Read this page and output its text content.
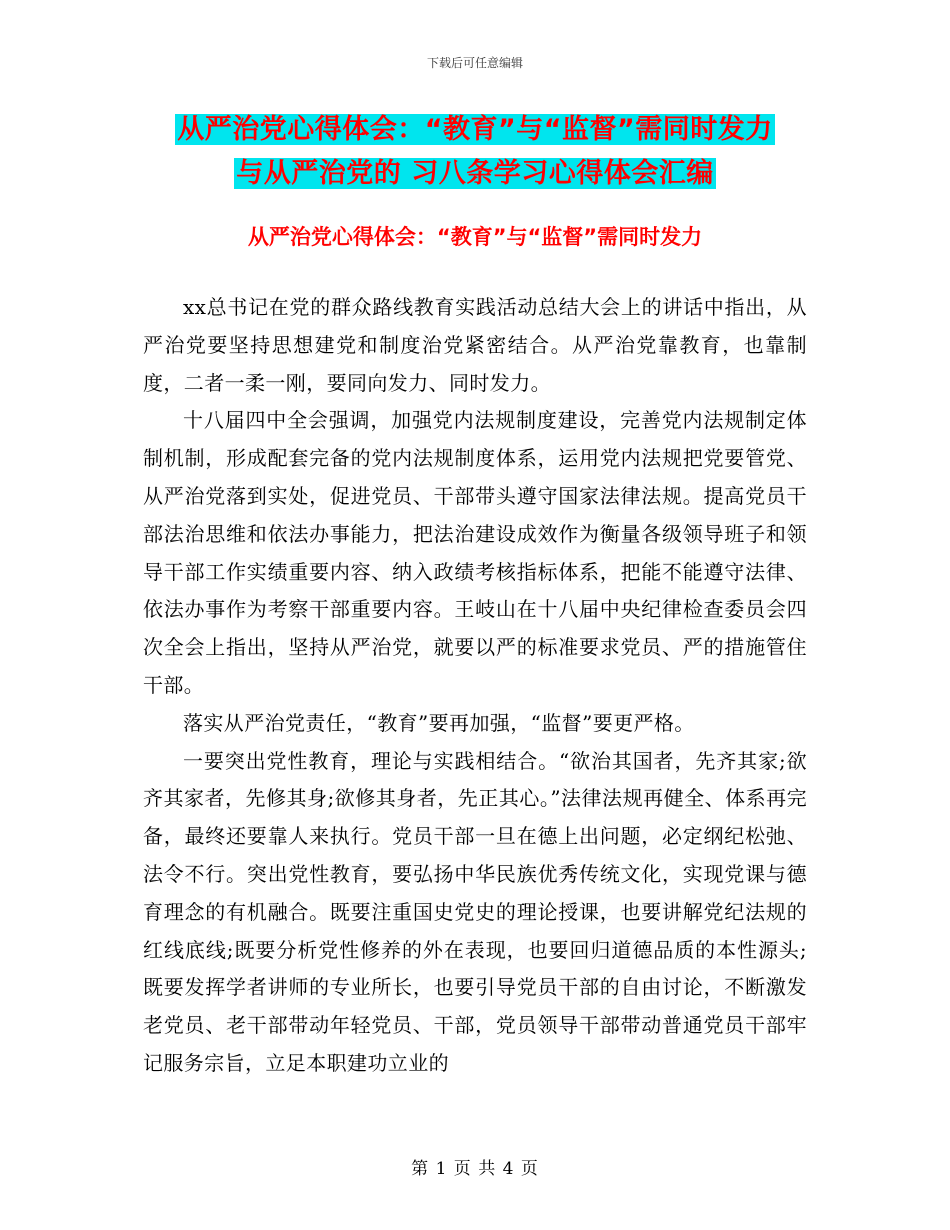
下载后可任意编辑
从严治党心得体会：“教育”与“监督”需同时发力
与从严治党的 习八条学习心得体会汇编
从严治党心得体会：“教育”与“监督”需同时发力

xx总书记在党的群众路线教育实践活动总结大会上的讲话中指出，从严治党要坚持思想建党和制度治党紧密结合。从严治党靠教育，也靠制度，二者一柔一刚，要同向发力、同时发力。

十八届四中全会强调，加强党内法规制度建设，完善党内法规制定体制机制，形成配套完备的党内法规制度体系，运用党内法规把党要管党、从严治党落到实处，促进党员、干部带头遵守国家法律法规。提高党员干部法治思维和依法办事能力，把法治建设成效作为衡量各级领导班子和领导干部工作实绩重要内容、纳入政绩考核指标体系，把能不能遵守法律、依法办事作为考察干部重要内容。王岐山在十八届中央纪律检查委员会四次全会上指出，坚持从严治党，就要以严的标准要求党员、严的措施管住干部。

落实从严治党责任，“教育”要再加强，“监督”要更严格。

一要突出党性教育，理论与实践相结合。“欲治其国者，先齐其家;欲齐其家者，先修其身;欲修其身者，先正其心。”法律法规再健全、体系再完备，最终还要靠人来执行。党员干部一旦在德上出问题，必定纲纪松弛、法令不行。突出党性教育，要弘扬中华民族优秀传统文化，实现党课与德育理念的有机融合。既要注重国史党史的理论授课，也要讲解党纪法规的红线底线;既要分析党性修养的外在表现，也要回归道德品质的本性源头;既要发挥学者讲师的专业所长，也要引导党员干部的自由讨论，不断激发老党员、老干部带动年轻党员、干部，党员领导干部带动普通党员干部牢记服务宗旨，立足本职建功立业的

第 1 页 共 4 页
